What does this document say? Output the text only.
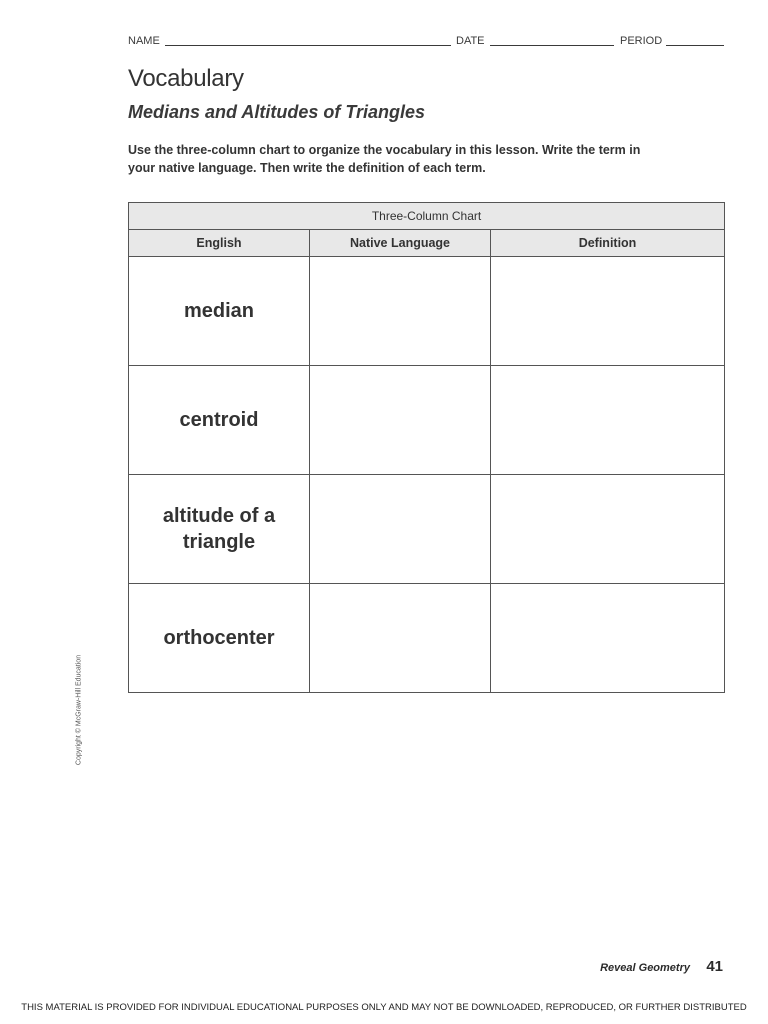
NAME	DATE	PERIOD
Vocabulary
Medians and Altitudes of Triangles
Use the three-column chart to organize the vocabulary in this lesson. Write the term in your native language. Then write the definition of each term.
Three-Column Chart		
English	Native Language	Definition
median		
centroid		
altitude of a triangle		
orthocenter		
Copyright © McGraw-Hill Education
Reveal Geometry 41
THIS MATERIAL IS PROVIDED FOR INDIVIDUAL EDUCATIONAL PURPOSES ONLY AND MAY NOT BE DOWNLOADED, REPRODUCED, OR FURTHER DISTRIBUTED
